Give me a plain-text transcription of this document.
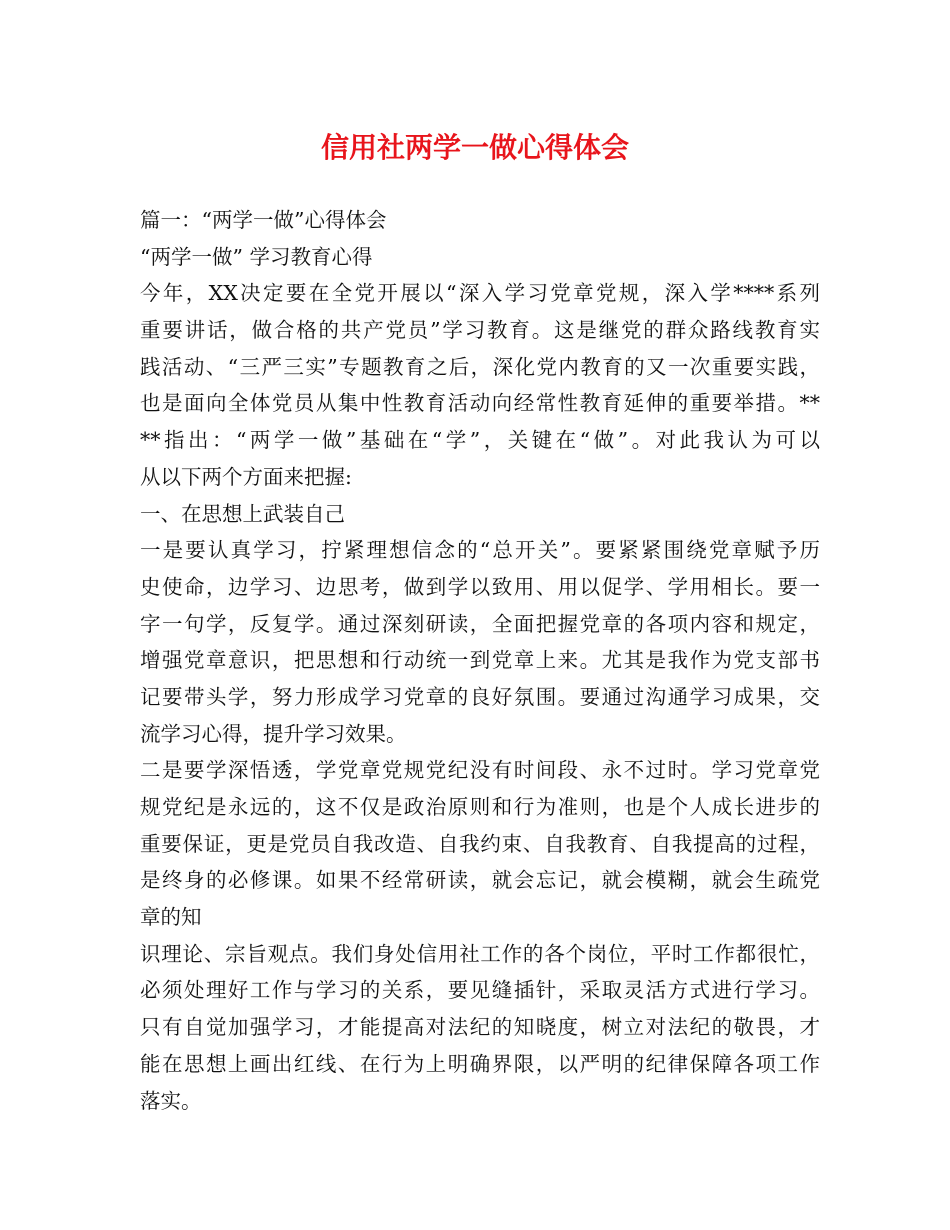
信用社两学一做心得体会

篇一：“两学一做”心得体会

“两学一做” 学习教育心得

今年，XX决定要在全党开展以“深入学习党章党规，深入学****系列

重要讲话，做合格的共产党员”学习教育。这是继党的群众路线教育实

践活动、“三严三实”专题教育之后，深化党内教育的又一次重要实践，

也是面向全体党员从集中性教育活动向经常性教育延伸的重要举措。**

**指出：“两学一做”基础在“学”，关键在“做”。对此我认为可以

从以下两个方面来把握:

一、在思想上武装自己

一是要认真学习，拧紧理想信念的“总开关”。要紧紧围绕党章赋予历

史使命，边学习、边思考，做到学以致用、用以促学、学用相长。要一

字一句学，反复学。通过深刻研读，全面把握党章的各项内容和规定，

增强党章意识，把思想和行动统一到党章上来。尤其是我作为党支部书

记要带头学，努力形成学习党章的良好氛围。要通过沟通学习成果，交

流学习心得，提升学习效果。

二是要学深悟透，学党章党规党纪没有时间段、永不过时。学习党章党

规党纪是永远的，这不仅是政治原则和行为准则，也是个人成长进步的

重要保证，更是党员自我改造、自我约束、自我教育、自我提高的过程，

是终身的必修课。如果不经常研读，就会忘记，就会模糊，就会生疏党

章的知

识理论、宗旨观点。我们身处信用社工作的各个岗位，平时工作都很忙，

必须处理好工作与学习的关系，要见缝插针，采取灵活方式进行学习。

只有自觉加强学习，才能提高对法纪的知晓度，树立对法纪的敬畏，才

能在思想上画出红线、在行为上明确界限，以严明的纪律保障各项工作

落实。
